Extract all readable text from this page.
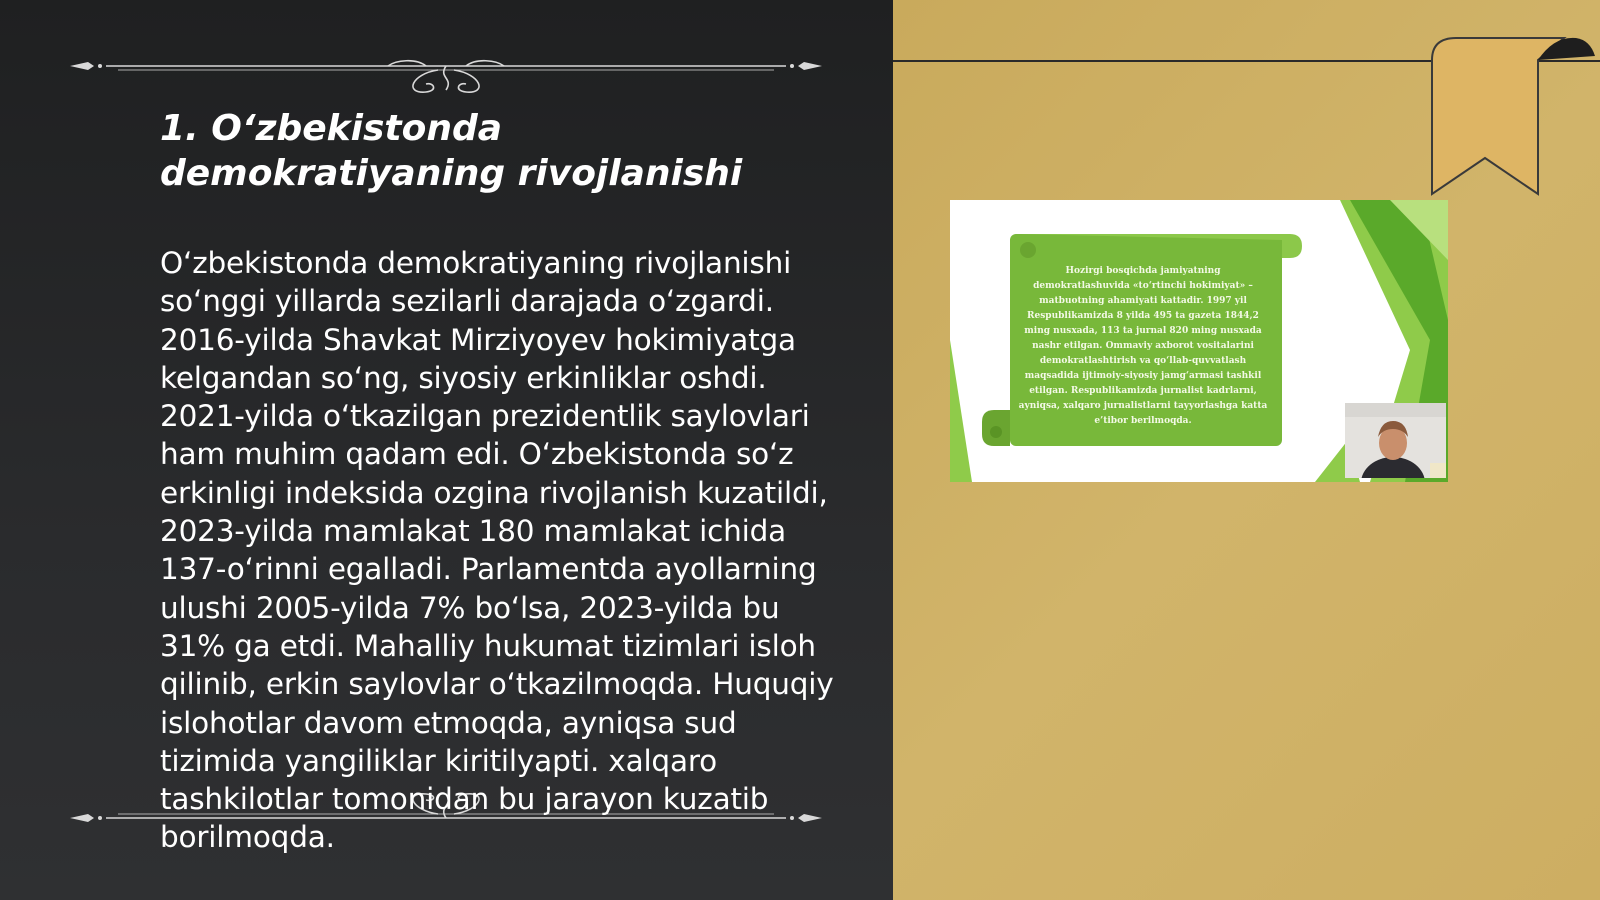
1. O‘zbekistonda demokratiyaning rivojlanishi

O‘zbekistonda demokratiyaning rivojlanishi so‘nggi yillarda sezilarli darajada o‘zgardi. 2016-yilda Shavkat Mirziyoyev hokimiyatga kelgandan so‘ng, siyosiy erkinliklar oshdi. 2021-yilda o‘tkazilgan prezidentlik saylovlari ham muhim qadam edi. O‘zbekistonda so‘z erkinligi indeksida ozgina rivojlanish kuzatildi, 2023-yilda mamlakat 180 mamlakat ichida 137-o‘rinni egalladi. Parlamentda ayollarning ulushi 2005-yilda 7% bo‘lsa, 2023-yilda bu 31% ga etdi. Mahalliy hukumat tizimlari isloh qilinib, erkin saylovlar o‘tkazilmoqda. Huquqiy islohotlar davom etmoqda, ayniqsa sud tizimida yangiliklar kiritilyapti. xalqaro tashkilotlar tomonidan bu jarayon kuzatib borilmoqda.

Hozirgi bosqichda jamiyatning demokratlashuvida «to‘rtinchi hokimiyat» – matbuotning ahamiyati kattadir. 1997 yil Respublikamizda 8 yilda 495 ta gazeta 1844,2 ming nusxada, 113 ta jurnal 820 ming nusxada nashr etilgan. Ommaviy axborot vositalarini demokratlashtirish va qo‘llab-quvvatlash maqsadida ijtimoiy-siyosiy jamg‘armasi tashkil etilgan. Respublikamizda jurnalist kadrlarni, ayniqsa, xalqaro jurnalistlarni tayyorlashga katta e’tibor berilmoqda.
